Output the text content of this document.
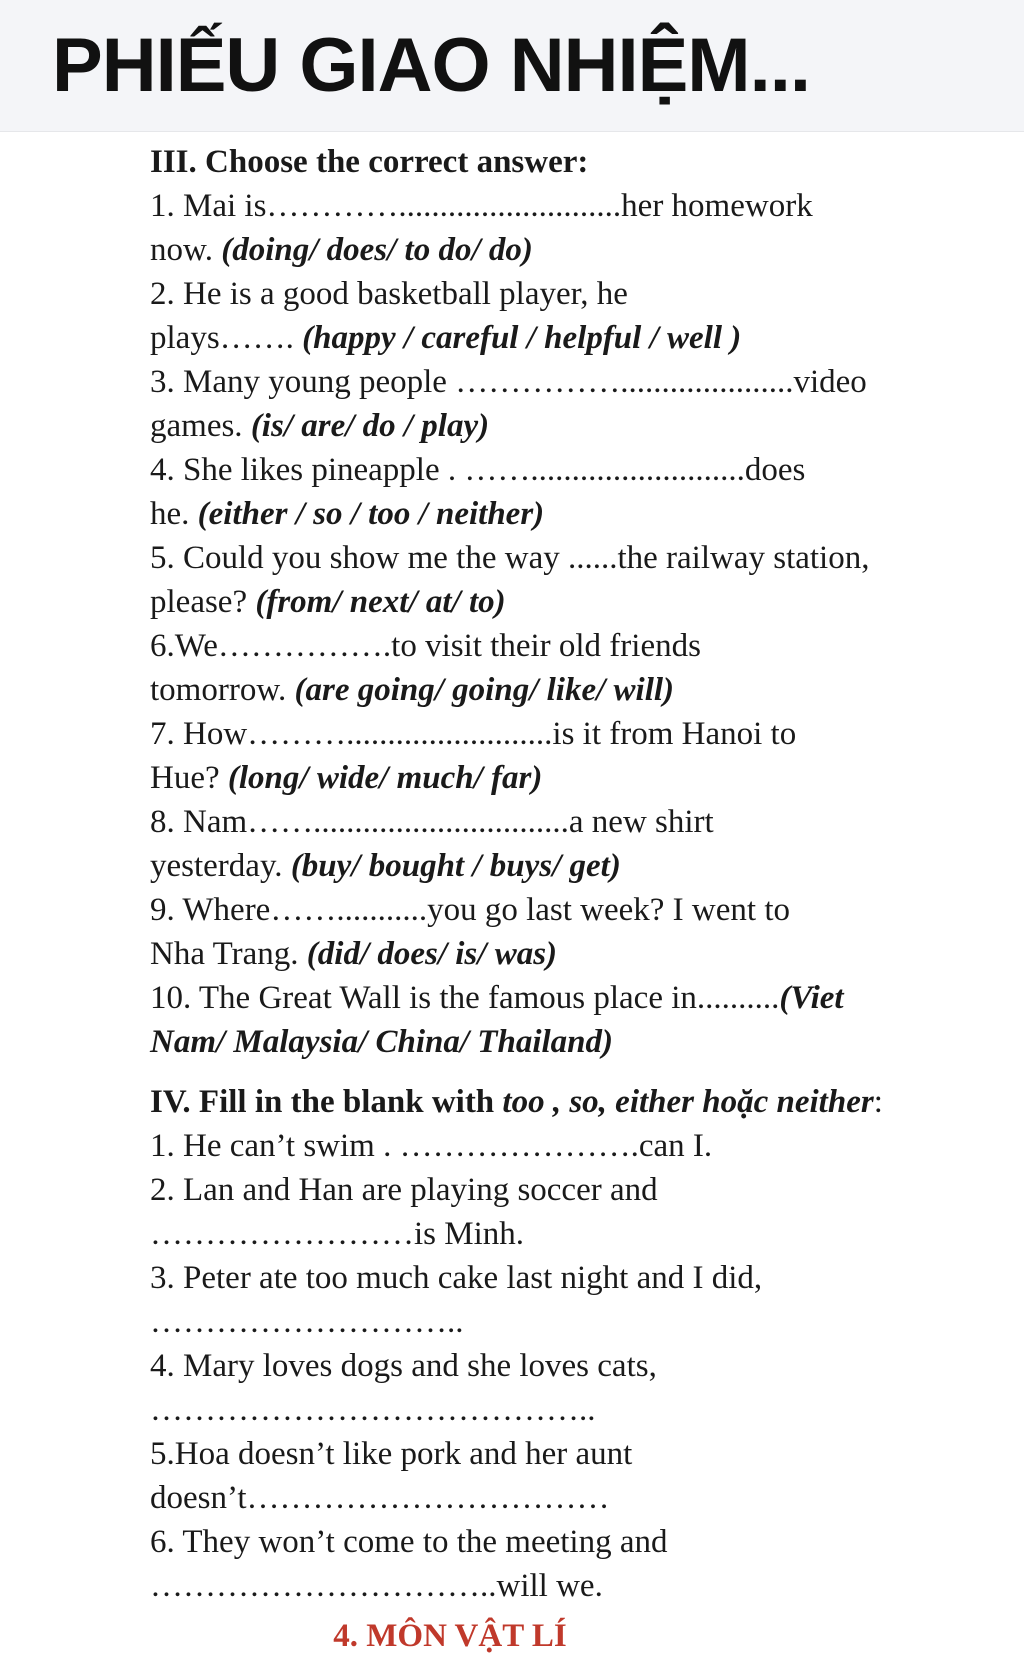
PHIẾU GIAO NHIỆM...
III. Choose the correct answer:
1. Mai is…………...........................her homework
now. (doing/ does/ to do/ do)
2. He is a good basketball player, he
plays……. (happy / careful / helpful / well )
3. Many young people …………….....................video
games. (is/ are/ do / play)
4. She likes pineapple . ……..........................does
he. (either / so / too / neither)
5. Could you show me the way ......the railway station,
please? (from/ next/ at/ to)
6.We…………….to visit their old friends
tomorrow. (are going/ going/ like/ will)
7. How……….........................is it from Hanoi to
Hue? (long/ wide/ much/ far)
8. Nam……...............................a new shirt
yesterday. (buy/ bought / buys/ get)
9. Where……...........you go last week? I went to
Nha Trang. (did/ does/ is/ was)
10. The Great Wall is the famous place in..........(Viet
Nam/ Malaysia/ China/ Thailand)
IV. Fill in the blank with too , so, either hoặc neither:
1. He can’t swim . ………………….can I.
2. Lan and Han are playing soccer and
……………………is Minh.
3. Peter ate too much cake last night and I did,
………………………..
4. Mary loves dogs and she loves cats,
…………………………………..
5.Hoa doesn’t like pork and her aunt
doesn’t……………………………
6. They won’t come to the meeting and
…………………………..will we.
4. MÔN VẬT LÍ
